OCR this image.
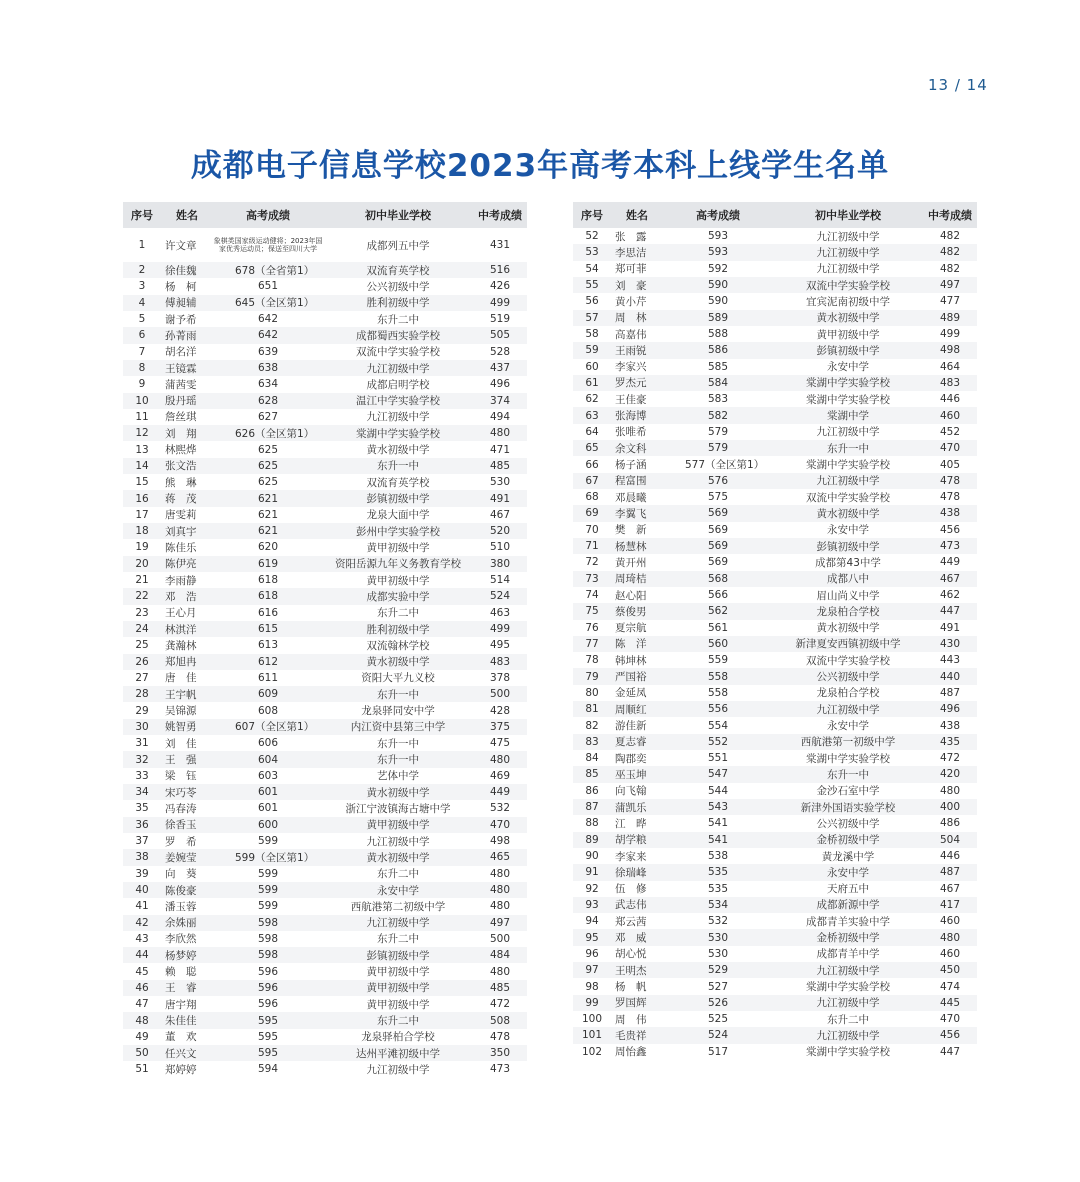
13 / 14
成都电子信息学校2023年高考本科上线学生名单
序号	姓名	高考成绩	初中毕业学校	中考成绩
1	许文章	象棋类国家级运动健将；2023年国家优秀运动员；保送至四川大学	成都列五中学	431
2	徐佳魏	678（全省第1）	双流育英学校	516
3	杨　柯	651	公兴初级中学	426
4	傅昶辅	645（全区第1）	胜利初级中学	499
5	谢予希	642	东升二中	519
6	孙菁雨	642	成都蜀西实验学校	505
7	胡名洋	639	双流中学实验学校	528
8	王镜霖	638	九江初级中学	437
9	蒲茜雯	634	成都启明学校	496
10	殷丹瑶	628	温江中学实验学校	374
11	詹丝琪	627	九江初级中学	494
12	刘　翔	626（全区第1）	棠湖中学实验学校	480
13	林熙烨	625	黄水初级中学	471
14	张文浩	625	东升一中	485
15	熊　琳	625	双流育英学校	530
16	蒋　茂	621	彭镇初级中学	491
17	唐雯莉	621	龙泉大面中学	467
18	刘真宇	621	彭州中学实验学校	520
19	陈佳乐	620	黄甲初级中学	510
20	陈伊亮	619	资阳岳源九年义务教育学校	380
21	李雨静	618	黄甲初级中学	514
22	邓　浩	618	成都实验中学	524
23	王心月	616	东升二中	463
24	林淇洋	615	胜利初级中学	499
25	龚瀚林	613	双流翰林学校	495
26	郑旭冉	612	黄水初级中学	483
27	唐　佳	611	资阳大平九义校	378
28	王宇帆	609	东升一中	500
29	吴锦源	608	龙泉驿同安中学	428
30	姚智勇	607（全区第1）	内江资中县第三中学	375
31	刘　佳	606	东升一中	475
32	王　强	604	东升一中	480
33	梁　钰	603	艺体中学	469
34	宋巧苓	601	黄水初级中学	449
35	冯春涛	601	浙江宁波镇海古塘中学	532
36	徐香玉	600	黄甲初级中学	470
37	罗　希	599	九江初级中学	498
38	姜婉莹	599（全区第1）	黄水初级中学	465
39	向　葵	599	东升二中	480
40	陈俊豪	599	永安中学	480
41	潘玉蓉	599	西航港第二初级中学	480
42	余姝丽	598	九江初级中学	497
43	李欣然	598	东升二中	500
44	杨梦婷	598	彭镇初级中学	484
45	赖　聪	596	黄甲初级中学	480
46	王　睿	596	黄甲初级中学	485
47	唐宇翔	596	黄甲初级中学	472
48	朱佳佳	595	东升二中	508
49	董　欢	595	龙泉驿柏合学校	478
50	任兴文	595	达州平滩初级中学	350
51	郑婷婷	594	九江初级中学	473
序号	姓名	高考成绩	初中毕业学校	中考成绩
52	张　露	593	九江初级中学	482
53	李思洁	593	九江初级中学	482
54	郑可菲	592	九江初级中学	482
55	刘　豪	590	双流中学实验学校	497
56	黄小芹	590	宜宾泥南初级中学	477
57	周　林	589	黄水初级中学	489
58	高嘉伟	588	黄甲初级中学	499
59	王雨锐	586	彭镇初级中学	498
60	李家兴	585	永安中学	464
61	罗杰元	584	棠湖中学实验学校	483
62	王佳豪	583	棠湖中学实验学校	446
63	张海博	582	棠湖中学	460
64	张唯希	579	九江初级中学	452
65	余文科	579	东升一中	470
66	杨子涵	577（全区第1）	棠湖中学实验学校	405
67	程富围	576	九江初级中学	478
68	邓晨曦	575	双流中学实验学校	478
69	李翼飞	569	黄水初级中学	438
70	樊　新	569	永安中学	456
71	杨慧林	569	彭镇初级中学	473
72	黄开州	569	成都第43中学	449
73	周琦桔	568	成都八中	467
74	赵心阳	566	眉山尚义中学	462
75	蔡俊男	562	龙泉柏合学校	447
76	夏宗航	561	黄水初级中学	491
77	陈　洋	560	新津夏安西镇初级中学	430
78	韩坤林	559	双流中学实验学校	443
79	严国裕	558	公兴初级中学	440
80	金延凤	558	龙泉柏合学校	487
81	周顺红	556	九江初级中学	496
82	游佳新	554	永安中学	438
83	夏志睿	552	西航港第一初级中学	435
84	陶郡奕	551	棠湖中学实验学校	472
85	巫玉坤	547	东升一中	420
86	向飞翰	544	金沙石室中学	480
87	蒲凯乐	543	新津外国语实验学校	400
88	江　晔	541	公兴初级中学	486
89	胡学粮	541	金桥初级中学	504
90	李家来	538	黄龙溪中学	446
91	徐瑞峰	535	永安中学	487
92	伍　修	535	天府五中	467
93	武志伟	534	成都新源中学	417
94	郑云茜	532	成都青羊实验中学	460
95	邓　威	530	金桥初级中学	480
96	胡心悦	530	成都青羊中学	460
97	王明杰	529	九江初级中学	450
98	杨　帆	527	棠湖中学实验学校	474
99	罗国辉	526	九江初级中学	445
100	周　伟	525	东升二中	470
101	毛贵祥	524	九江初级中学	456
102	周怡鑫	517	棠湖中学实验学校	447
